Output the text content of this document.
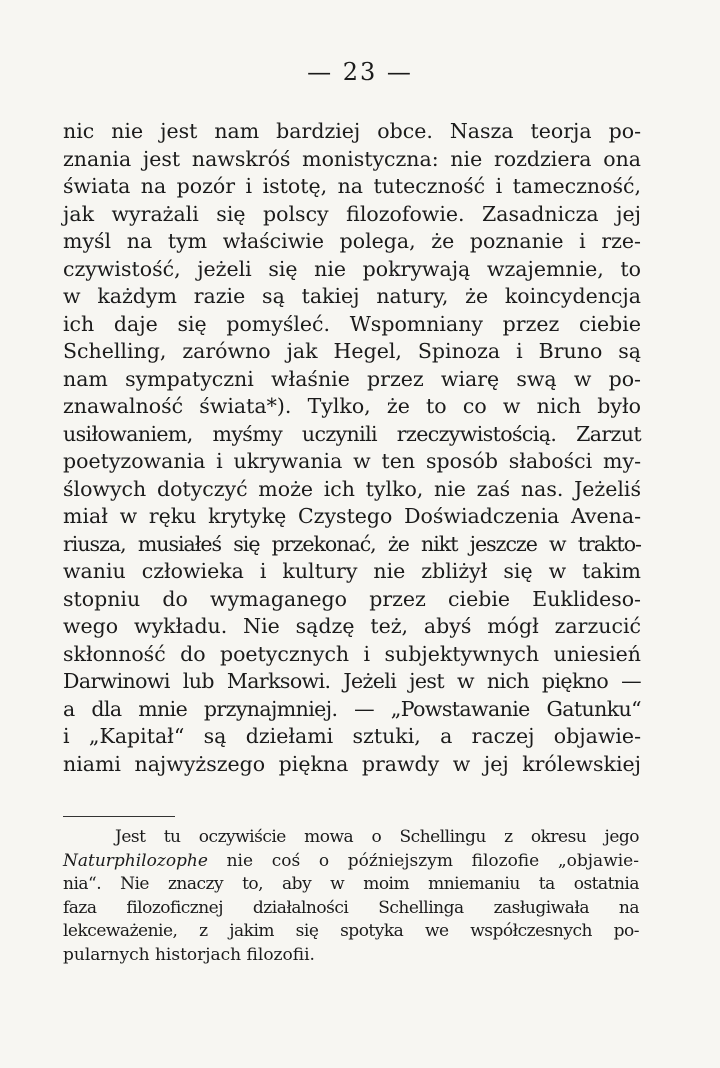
— 23 —
nic nie jest nam bardziej obce. Nasza teorja po-
znania jest nawskróś monistyczna: nie rozdziera ona
świata na pozór i istotę, na tuteczność i tameczność,
jak wyrażali się polscy filozofowie. Zasadnicza jej
myśl na tym właściwie polega, że poznanie i rze-
czywistość, jeżeli się nie pokrywają wzajemnie, to
w każdym razie są takiej natury, że koincydencja
ich daje się pomyśleć. Wspomniany przez ciebie
Schelling, zarówno jak Hegel, Spinoza i Bruno są
nam sympatyczni właśnie przez wiarę swą w po-
znawalność świata*). Tylko, że to co w nich było
usiłowaniem, myśmy uczynili rzeczywistością. Zarzut
poetyzowania i ukrywania w ten sposób słabości my-
ślowych dotyczyć może ich tylko, nie zaś nas. Jeżeliś
miał w ręku krytykę Czystego Doświadczenia Avena-
riusza, musiałeś się przekonać, że nikt jeszcze w trakto-
waniu człowieka i kultury nie zbliżył się w takim
stopniu do wymaganego przez ciebie Euklideso-
wego wykładu. Nie sądzę też, abyś mógł zarzucić
skłonność do poetycznych i subjektywnych uniesień
Darwinowi lub Marksowi. Jeżeli jest w nich piękno —
a dla mnie przynajmniej. — „Powstawanie Gatunku“
i „Kapitał“ są dziełami sztuki, a raczej objawie-
niami najwyższego piękna prawdy w jej królewskiej
Jest tu oczywiście mowa o Schellingu z okresu jego
Naturphilozophe nie coś o późniejszym filozofie „objawie-
nia“. Nie znaczy to, aby w moim mniemaniu ta ostatnia
faza filozoficznej działalności Schellinga zasługiwała na
lekceważenie, z jakim się spotyka we współczesnych po-
pularnych historjach filozofii.
